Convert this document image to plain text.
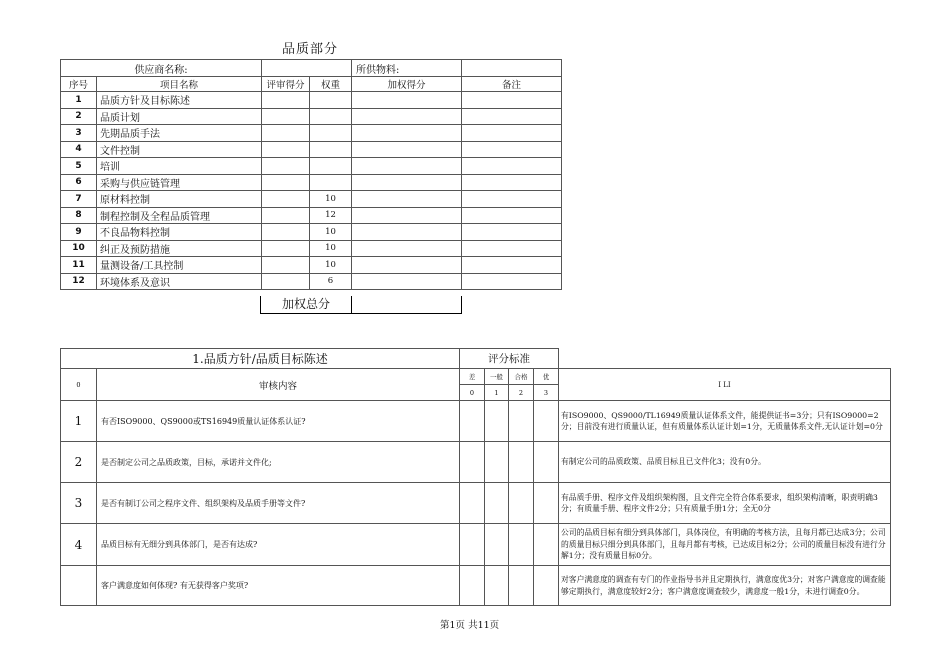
品质部分
供应商名称:				所供物料:	
序号	项目名称	评审得分	权重	加权得分	备注
1	品质方针及目标陈述				
2	品质计划				
3	先期品质手法				
4	文件控制				
5	培训				
6	采购与供应链管理				
7	原材料控制		10		
8	制程控制及全程品质管理		12		
9	不良品物料控制		10		
10	纠正及预防措施		10		
11	量测设备/工具控制		10		
12	环境体系及意识		6		
加权总分
1.品质方针/品质目标陈述		评分标准				
0	审核内容	差	一般	合格	优	I LI
		0	1	2	3	
1	有否ISO9000、QS9000或TS16949质量认证体系认证?					有ISO9000、QS9000/TL16949质量认证体系文件，能提供证书=3分；只有ISO9000=2分；目前没有进行质量认证，但有质量体系认证计划=1分，无质量体系文件,无认证计划=0分
2	是否制定公司之品质政策，目标，承诺并文件化;					有制定公司的品质政策、品质目标且已文件化3；没有0分。
3	是否有制订公司之程序文件、组织架构及品质手册等文件?					有品质手册、程序文件及组织架构图，且文件完全符合体系要求，组织架构清晰，职责明确3分；有质量手册、程序文件2分；只有质量手册1分；全无0分
4	品质目标有无细分到具体部门，是否有达成?					公司的品质目标有细分到具体部门，具体岗位，有明确的考核方法，且每月都已达成3分；公司的质量目标只细分到具体部门，且每月都有考核，已达成目标2分；公司的质量目标没有进行分解1分；没有质量目标0分。
	客户满意度如何体现? 有无获得客户奖项?					对客户满意度的调查有专门的作业指导书并且定期执行，满意度优3分；对客户满意度的调查能够定期执行，满意度较好2分；客户满意度调查较少，满意度一般1分，未进行调查0分。
第1页 共11页
